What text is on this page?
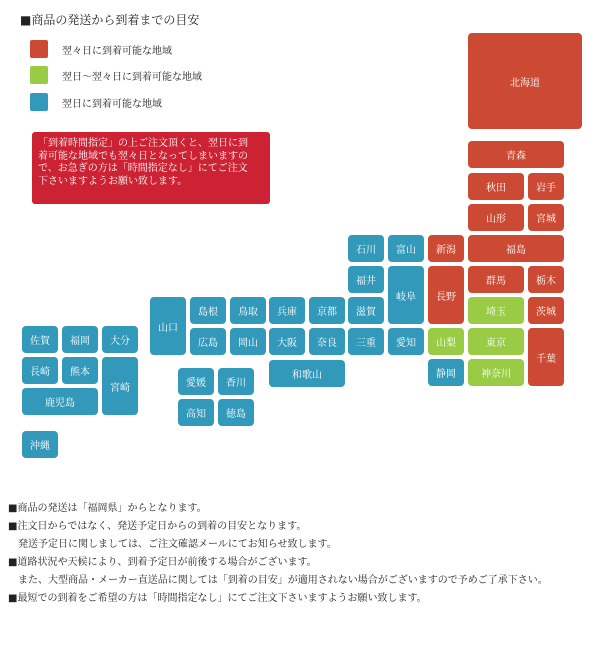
■商品の発送から到着までの目安
翌々日に到着可能な地域
翌日〜翌々日に到着可能な地域
翌日に到着可能な地域
「到着時間指定」の上ご注文頂くと、翌日に到
着可能な地域でも翌々日となってしまいますの
で、お急ぎの方は「時間指定なし」にてご注文
下さいますようお願い致します。
北海道
青森
秋田	岩手
山形	宮城
福島
新潟
石川	富山
福井
岐阜	長野
群馬	栃木
滋賀	埼玉	茨城
三重	愛知	山梨	東京
千葉
静岡	神奈川
山口
島根	鳥取	兵庫	京都
広島	岡山	大阪	奈良
和歌山
愛媛	香川
高知	徳島
佐賀	福岡	大分
長崎	熊本
宮崎
鹿児島
沖縄
■商品の発送は「福岡県」からとなります。
■注文日からではなく、発送予定日からの到着の目安となります。
　発送予定日に関しましては、ご注文確認メールにてお知らせ致します。
■道路状況や天候により、到着予定日が前後する場合がございます。
　また、大型商品・メーカー直送品に関しては「到着の目安」が適用されない場合がございますので予めご了承下さい。
■最短での到着をご希望の方は「時間指定なし」にてご注文下さいますようお願い致します。
